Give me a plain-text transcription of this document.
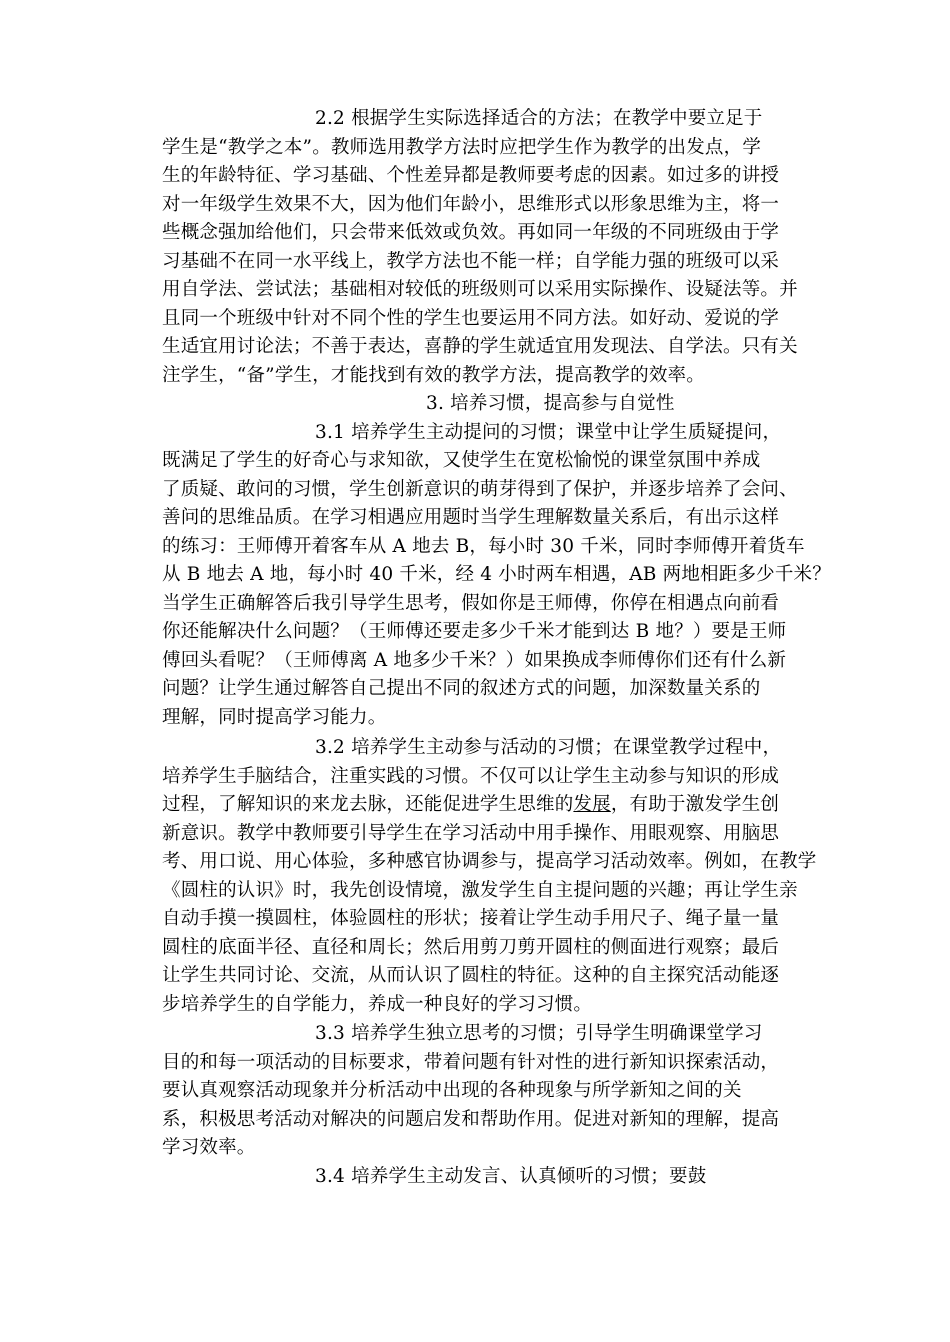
2.2 根据学生实际选择适合的方法；在教学中要立足于
学生是“教学之本”。教师选用教学方法时应把学生作为教学的出发点，学
生的年龄特征、学习基础、个性差异都是教师要考虑的因素。如过多的讲授
对一年级学生效果不大，因为他们年龄小，思维形式以形象思维为主，将一
些概念强加给他们，只会带来低效或负效。再如同一年级的不同班级由于学
习基础不在同一水平线上，教学方法也不能一样；自学能力强的班级可以采
用自学法、尝试法；基础相对较低的班级则可以采用实际操作、设疑法等。并
且同一个班级中针对不同个性的学生也要运用不同方法。如好动、爱说的学
生适宜用讨论法；不善于表达，喜静的学生就适宜用发现法、自学法。只有关
注学生，“备”学生，才能找到有效的教学方法，提高教学的效率。
3. 培养习惯，提高参与自觉性
3.1 培养学生主动提问的习惯；课堂中让学生质疑提问，
既满足了学生的好奇心与求知欲，又使学生在宽松愉悦的课堂氛围中养成
了质疑、敢问的习惯，学生创新意识的萌芽得到了保护，并逐步培养了会问、
善问的思维品质。在学习相遇应用题时当学生理解数量关系后，有出示这样
的练习：王师傅开着客车从 A 地去 B，每小时 30 千米，同时李师傅开着货车
从 B 地去 A 地，每小时 40 千米，经 4 小时两车相遇，AB 两地相距多少千米？
当学生正确解答后我引导学生思考，假如你是王师傅，你停在相遇点向前看
你还能解决什么问题？（王师傅还要走多少千米才能到达 B 地？）要是王师
傅回头看呢？（王师傅离 A 地多少千米？）如果换成李师傅你们还有什么新
问题？让学生通过解答自己提出不同的叙述方式的问题，加深数量关系的
理解，同时提高学习能力。
3.2 培养学生主动参与活动的习惯；在课堂教学过程中，
培养学生手脑结合，注重实践的习惯。不仅可以让学生主动参与知识的形成
过程，了解知识的来龙去脉，还能促进学生思维的发展，有助于激发学生创
新意识。教学中教师要引导学生在学习活动中用手操作、用眼观察、用脑思
考、用口说、用心体验，多种感官协调参与，提高学习活动效率。例如，在教学
《圆柱的认识》时，我先创设情境，激发学生自主提问题的兴趣；再让学生亲
自动手摸一摸圆柱，体验圆柱的形状；接着让学生动手用尺子、绳子量一量
圆柱的底面半径、直径和周长；然后用剪刀剪开圆柱的侧面进行观察；最后
让学生共同讨论、交流，从而认识了圆柱的特征。这种的自主探究活动能逐
步培养学生的自学能力，养成一种良好的学习习惯。
3.3 培养学生独立思考的习惯；引导学生明确课堂学习
目的和每一项活动的目标要求，带着问题有针对性的进行新知识探索活动，
要认真观察活动现象并分析活动中出现的各种现象与所学新知之间的关
系，积极思考活动对解决的问题启发和帮助作用。促进对新知的理解，提高
学习效率。
3.4 培养学生主动发言、认真倾听的习惯；要鼓
